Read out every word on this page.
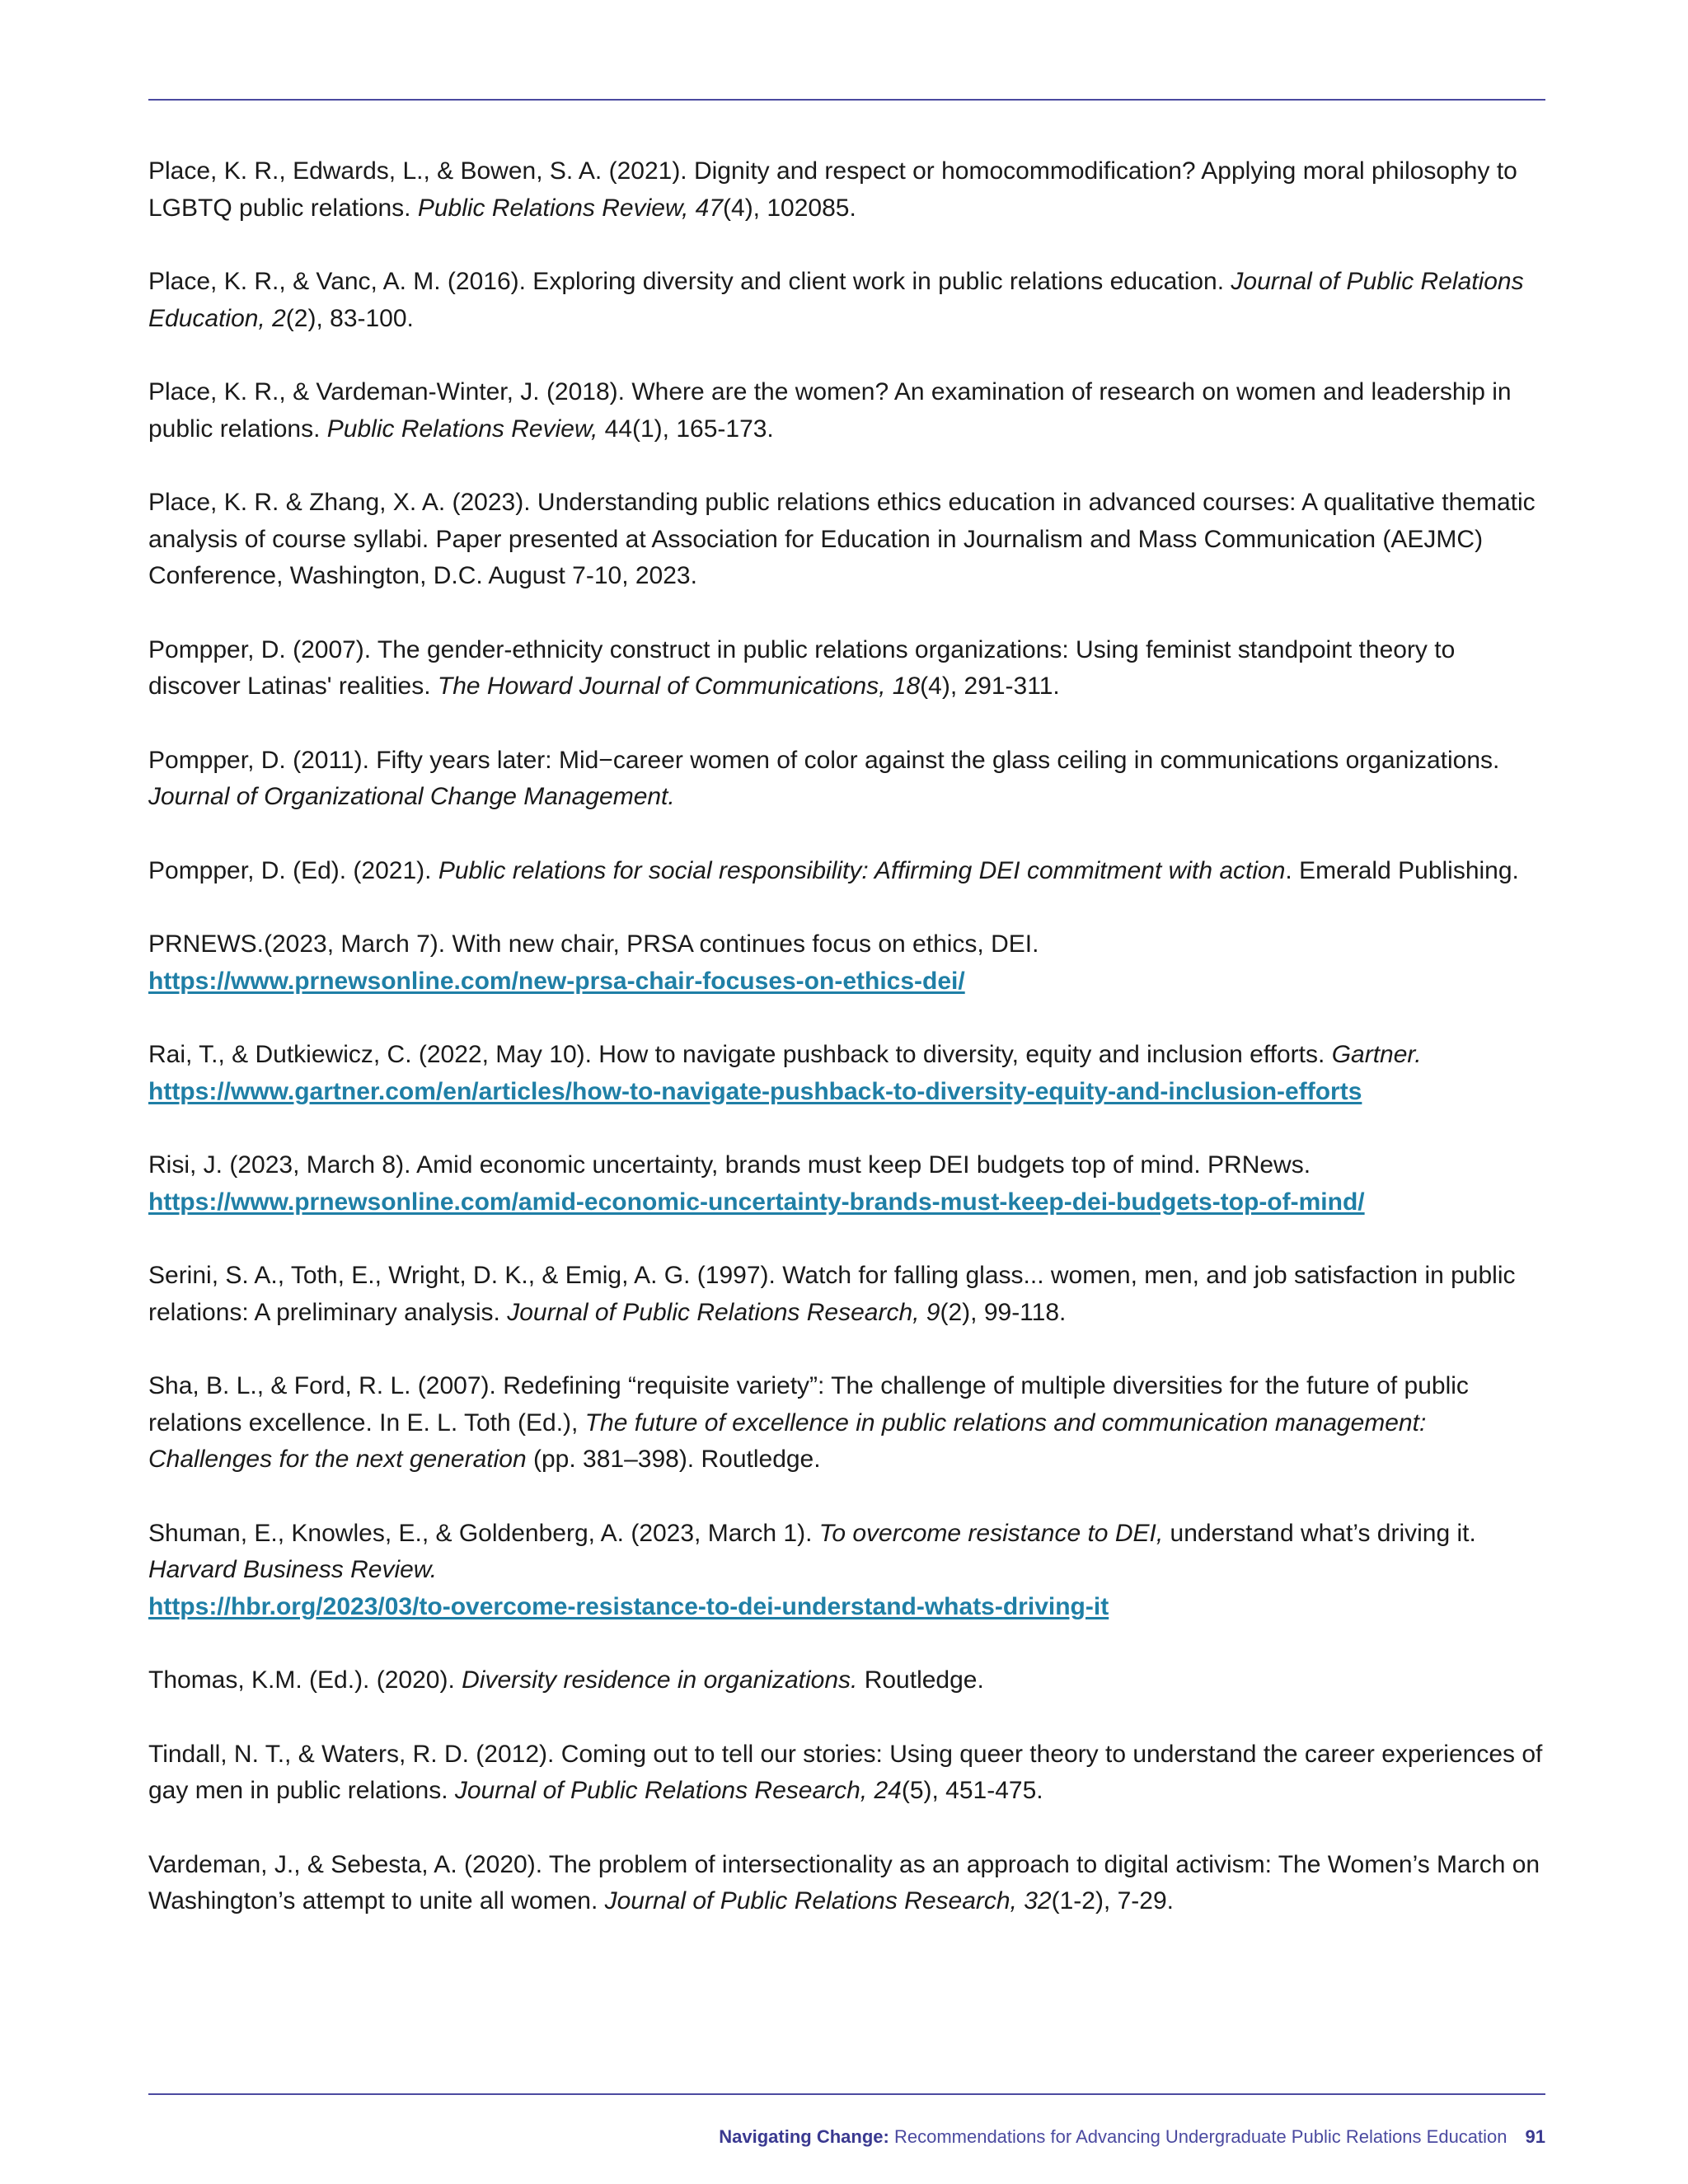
Place, K. R., Edwards, L., & Bowen, S. A. (2021). Dignity and respect or homocommodification? Applying moral philosophy to LGBTQ public relations. Public Relations Review, 47(4), 102085.

Place, K. R., & Vanc, A. M. (2016). Exploring diversity and client work in public relations education. Journal of Public Relations Education, 2(2), 83-100.

Place, K. R., & Vardeman-Winter, J. (2018). Where are the women? An examination of research on women and leadership in public relations. Public Relations Review, 44(1), 165-173.

Place, K. R. & Zhang, X. A. (2023). Understanding public relations ethics education in advanced courses: A qualitative thematic analysis of course syllabi. Paper presented at Association for Education in Journalism and Mass Communication (AEJMC) Conference, Washington, D.C. August 7-10, 2023.

Pompper, D. (2007). The gender-ethnicity construct in public relations organizations: Using feminist standpoint theory to discover Latinas' realities. The Howard Journal of Communications, 18(4), 291-311.

Pompper, D. (2011). Fifty years later: Mid−career women of color against the glass ceiling in communications organizations. Journal of Organizational Change Management.

Pompper, D. (Ed). (2021). Public relations for social responsibility: Affirming DEI commitment with action. Emerald Publishing.

PRNEWS.(2023, March 7). With new chair, PRSA continues focus on ethics, DEI.
https://www.prnewsonline.com/new-prsa-chair-focuses-on-ethics-dei/

Rai, T., & Dutkiewicz, C. (2022, May 10). How to navigate pushback to diversity, equity and inclusion efforts. Gartner.
https://www.gartner.com/en/articles/how-to-navigate-pushback-to-diversity-equity-and-inclusion-efforts

Risi, J. (2023, March 8). Amid economic uncertainty, brands must keep DEI budgets top of mind. PRNews.
https://www.prnewsonline.com/amid-economic-uncertainty-brands-must-keep-dei-budgets-top-of-mind/

Serini, S. A., Toth, E., Wright, D. K., & Emig, A. G. (1997). Watch for falling glass... women, men, and job satisfaction in public relations: A preliminary analysis. Journal of Public Relations Research, 9(2), 99-118.

Sha, B. L., & Ford, R. L. (2007). Redefining “requisite variety”: The challenge of multiple diversities for the future of public relations excellence. In E. L. Toth (Ed.), The future of excellence in public relations and communication management: Challenges for the next generation (pp. 381–398). Routledge.

Shuman, E., Knowles, E., & Goldenberg, A. (2023, March 1). To overcome resistance to DEI, understand what’s driving it.
Harvard Business Review.
https://hbr.org/2023/03/to-overcome-resistance-to-dei-understand-whats-driving-it

Thomas, K.M. (Ed.). (2020). Diversity residence in organizations. Routledge.

Tindall, N. T., & Waters, R. D. (2012). Coming out to tell our stories: Using queer theory to understand the career experiences of gay men in public relations. Journal of Public Relations Research, 24(5), 451-475.

Vardeman, J., & Sebesta, A. (2020). The problem of intersectionality as an approach to digital activism: The Women’s March on Washington’s attempt to unite all women. Journal of Public Relations Research, 32(1-2), 7-29.

Navigating Change: Recommendations for Advancing Undergraduate Public Relations Education 91
